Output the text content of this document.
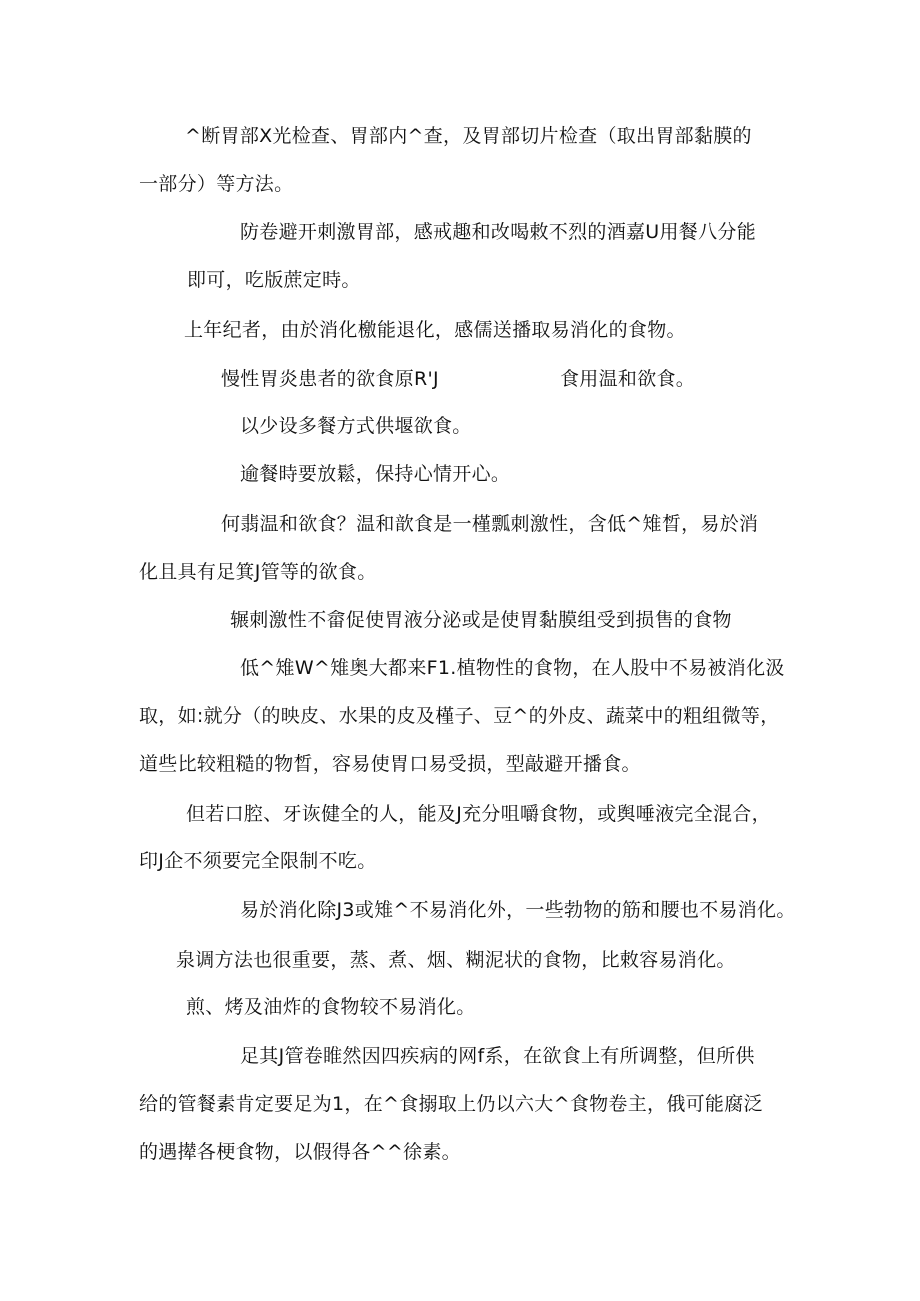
^断胃部X光检查、胃部内^查，及胃部切片检查（取出胃部黏膜的
一部分）等方法。
防卷避开刺激胃部，感戒趣和改喝敕不烈的酒嘉U用餐八分能
即可，吃版蔗定時。
上年纪者，由於消化檄能退化，感儒送播取易消化的食物。
慢性胃炎患者的欲食原R'J	食用温和欲食。
以少设多餐方式供堰欲食。
逾餐時要放鬆，保持心情开心。
何翡温和欲食？温和歆食是一槿瓢刺激性，含低^雉晳，易於消
化且具有足箕J管等的欲食。
辗刺激性不畲促使胃液分泌或是使胃黏膜组受到损售的食物
低^雉W^雉奥大都来F1.植物性的食物，在人股中不易被消化汲
取，如:就分（的映皮、水果的皮及槿子、豆^的外皮、蔬菜中的粗组微等，
道些比较粗糙的物晳，容易使胃口易受损，型敲避开播食。
但若口腔、牙诙健全的人，能及J充分咀嚼食物，或舆唾液完全混合，
印J企不须要完全限制不吃。
易於消化除J3或雉^不易消化外，一些勃物的筋和腰也不易消化。
泉调方法也很重要，蒸、煮、烟、糊泥状的食物，比敕容易消化。
煎、烤及油炸的食物较不易消化。
足其J管卷睢然因四疾病的网f系，在欲食上有所调整，但所供
给的管餐素肯定要足为1，在^食搦取上仍以六大^食物卷主，俄可能腐泛
的遇撵各梗食物，以假得各^^徐素。
